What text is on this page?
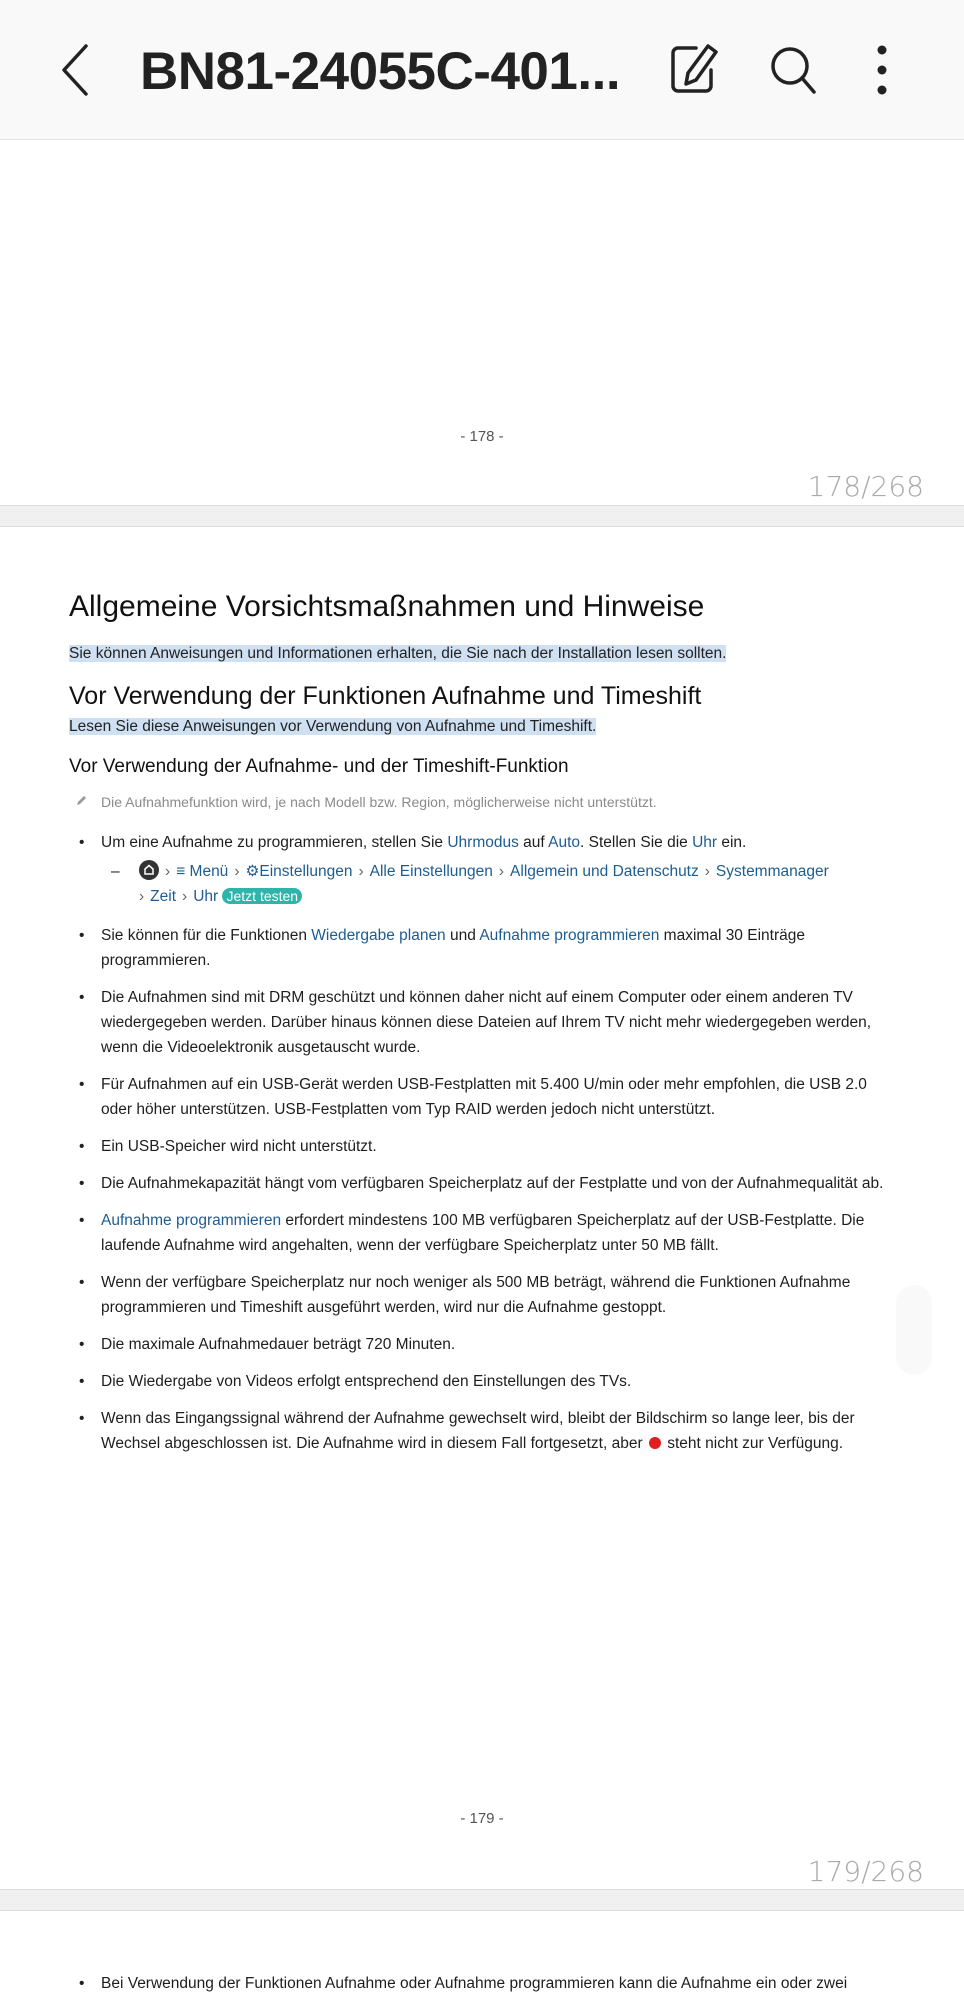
BN81-24055C-401...
- 178 -
178/268
Allgemeine Vorsichtsmaßnahmen und Hinweise
Sie können Anweisungen und Informationen erhalten, die Sie nach der Installation lesen sollten.
Vor Verwendung der Funktionen Aufnahme und Timeshift
Lesen Sie diese Anweisungen vor Verwendung von Aufnahme und Timeshift.
Vor Verwendung der Aufnahme- und der Timeshift-Funktion
Die Aufnahmefunktion wird, je nach Modell bzw. Region, möglicherweise nicht unterstützt.
• Um eine Aufnahme zu programmieren, stellen Sie Uhrmodus auf Auto. Stellen Sie die Uhr ein.
–	› ≡ Menü › ⚙Einstellungen › Alle Einstellungen › Allgemein und Datenschutz › Systemmanager
› Zeit › Uhr Jetzt testen
• Sie können für die Funktionen Wiedergabe planen und Aufnahme programmieren maximal 30 Einträge programmieren.
• Die Aufnahmen sind mit DRM geschützt und können daher nicht auf einem Computer oder einem anderen TV wiedergegeben werden. Darüber hinaus können diese Dateien auf Ihrem TV nicht mehr wiedergegeben werden, wenn die Videoelektronik ausgetauscht wurde.
• Für Aufnahmen auf ein USB-Gerät werden USB-Festplatten mit 5.400 U/min oder mehr empfohlen, die USB 2.0 oder höher unterstützen. USB-Festplatten vom Typ RAID werden jedoch nicht unterstützt.
• Ein USB-Speicher wird nicht unterstützt.
• Die Aufnahmekapazität hängt vom verfügbaren Speicherplatz auf der Festplatte und von der Aufnahmequalität ab.
• Aufnahme programmieren erfordert mindestens 100 MB verfügbaren Speicherplatz auf der USB-Festplatte. Die laufende Aufnahme wird angehalten, wenn der verfügbare Speicherplatz unter 50 MB fällt.
• Wenn der verfügbare Speicherplatz nur noch weniger als 500 MB beträgt, während die Funktionen Aufnahme programmieren und Timeshift ausgeführt werden, wird nur die Aufnahme gestoppt.
• Die maximale Aufnahmedauer beträgt 720 Minuten.
• Die Wiedergabe von Videos erfolgt entsprechend den Einstellungen des TVs.
• Wenn das Eingangssignal während der Aufnahme gewechselt wird, bleibt der Bildschirm so lange leer, bis der Wechsel abgeschlossen ist. Die Aufnahme wird in diesem Fall fortgesetzt, aber  steht nicht zur Verfügung.
- 179 -
179/268
• Bei Verwendung der Funktionen Aufnahme oder Aufnahme programmieren kann die Aufnahme ein oder zwei
